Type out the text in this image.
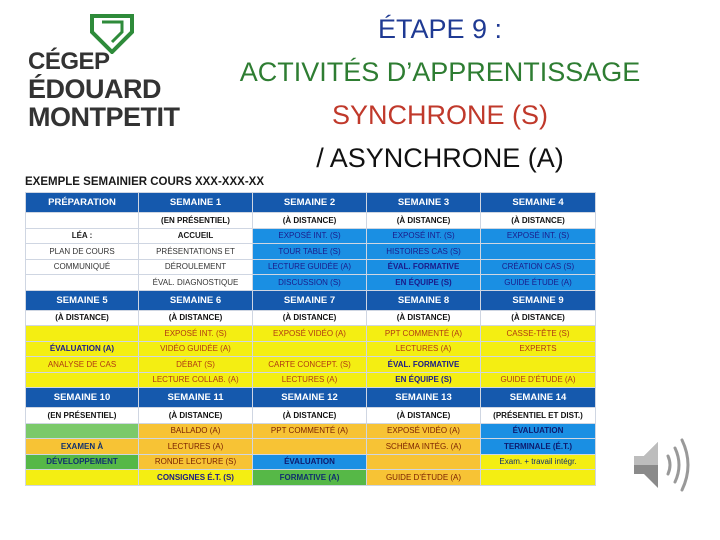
CÉGEP
ÉDOUARD
MONTPETIT
ÉTAPE 9 :
ACTIVITÉS D’APPRENTISSAGE
SYNCHRONE (S)
/ ASYNCHRONE (A)
EXEMPLE SEMAINIER COURS XXX-XXX-XX
PRÉPARATION	SEMAINE 1	SEMAINE 2	SEMAINE 3	SEMAINE 4
	(EN PRÉSENTIEL)	(À DISTANCE)	(À DISTANCE)	(À DISTANCE)
LÉA :	ACCUEIL	EXPOSÉ INT. (S)	EXPOSÉ INT. (S)	EXPOSÉ INT. (S)
PLAN DE COURS	PRÉSENTATIONS ET	TOUR TABLE (S)	HISTOIRES CAS (S)	
COMMUNIQUÉ	DÉROULEMENT	LECTURE GUIDÉE (A)	ÉVAL. FORMATIVE	CRÉATION CAS (S)
	ÉVAL. DIAGNOSTIQUE	DISCUSSION (S)	EN ÉQUIPE (S)	GUIDE ÉTUDE (A)
SEMAINE 5	SEMAINE 6	SEMAINE 7	SEMAINE 8	SEMAINE 9
(À DISTANCE)	(À DISTANCE)	(À DISTANCE)	(À DISTANCE)	(À DISTANCE)
	EXPOSÉ INT. (S)	EXPOSÉ VIDÉO (A)	PPT COMMENTÉ (A)	CASSE-TÊTE (S)
ÉVALUATION (A)	VIDÉO GUIDÉE (A)		LECTURES (A)	EXPERTS
ANALYSE DE CAS	DÉBAT (S)	CARTE CONCEPT. (S)	ÉVAL. FORMATIVE	
	LECTURE COLLAB. (A)	LECTURES (A)	EN ÉQUIPE (S)	GUIDE D’ÉTUDE (A)
SEMAINE 10	SEMAINE 11	SEMAINE 12	SEMAINE 13	SEMAINE 14
(EN PRÉSENTIEL)	(À DISTANCE)	(À DISTANCE)	(À DISTANCE)	(PRÉSENTIEL ET DIST.)
	BALLADO (A)	PPT COMMENTÉ (A)	EXPOSÉ VIDÉO (A)	ÉVALUATION
EXAMEN À	LECTURES (A)		SCHÉMA INTÉG. (A)	TERMINALE (É.T.)
DÉVELOPPEMENT	RONDE LECTURE (S)	ÉVALUATION		Exam. + travail intégr.
	CONSIGNES É.T. (S)	FORMATIVE (A)	GUIDE D’ÉTUDE (A)	
